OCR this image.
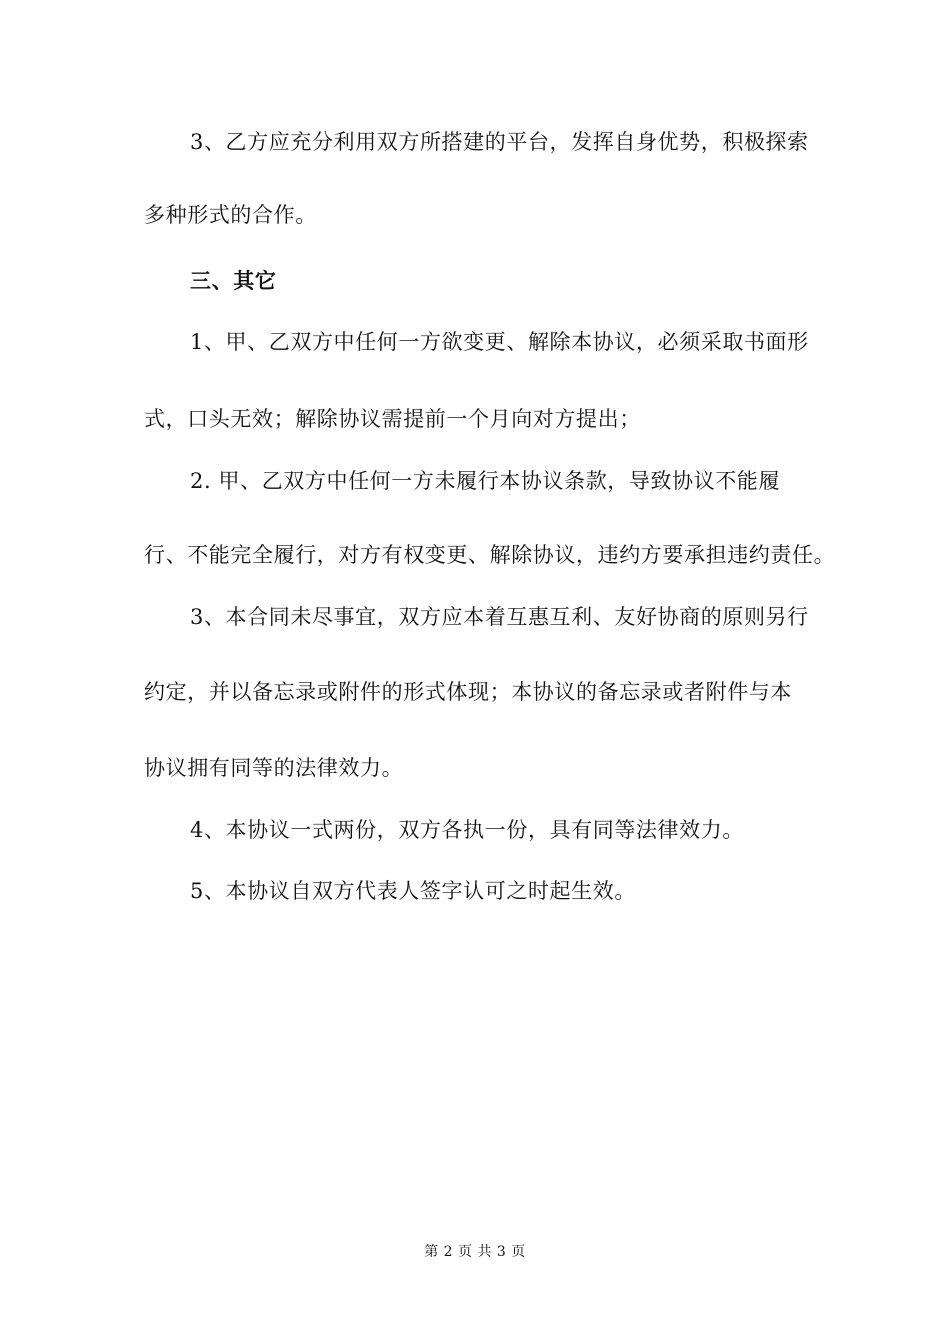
3、乙方应充分利用双方所搭建的平台，发挥自身优势，积极探索
多种形式的合作。
三、其它
1、甲、乙双方中任何一方欲变更、解除本协议，必须采取书面形
式，口头无效；解除协议需提前一个月向对方提出；
2. 甲、乙双方中任何一方未履行本协议条款，导致协议不能履
行、不能完全履行，对方有权变更、解除协议，违约方要承担违约责任。
3、本合同未尽事宜，双方应本着互惠互利、友好协商的原则另行
约定，并以备忘录或附件的形式体现；本协议的备忘录或者附件与本
协议拥有同等的法律效力。
4、本协议一式两份，双方各执一份，具有同等法律效力。
5、本协议自双方代表人签字认可之时起生效。
第 2 页 共 3 页
